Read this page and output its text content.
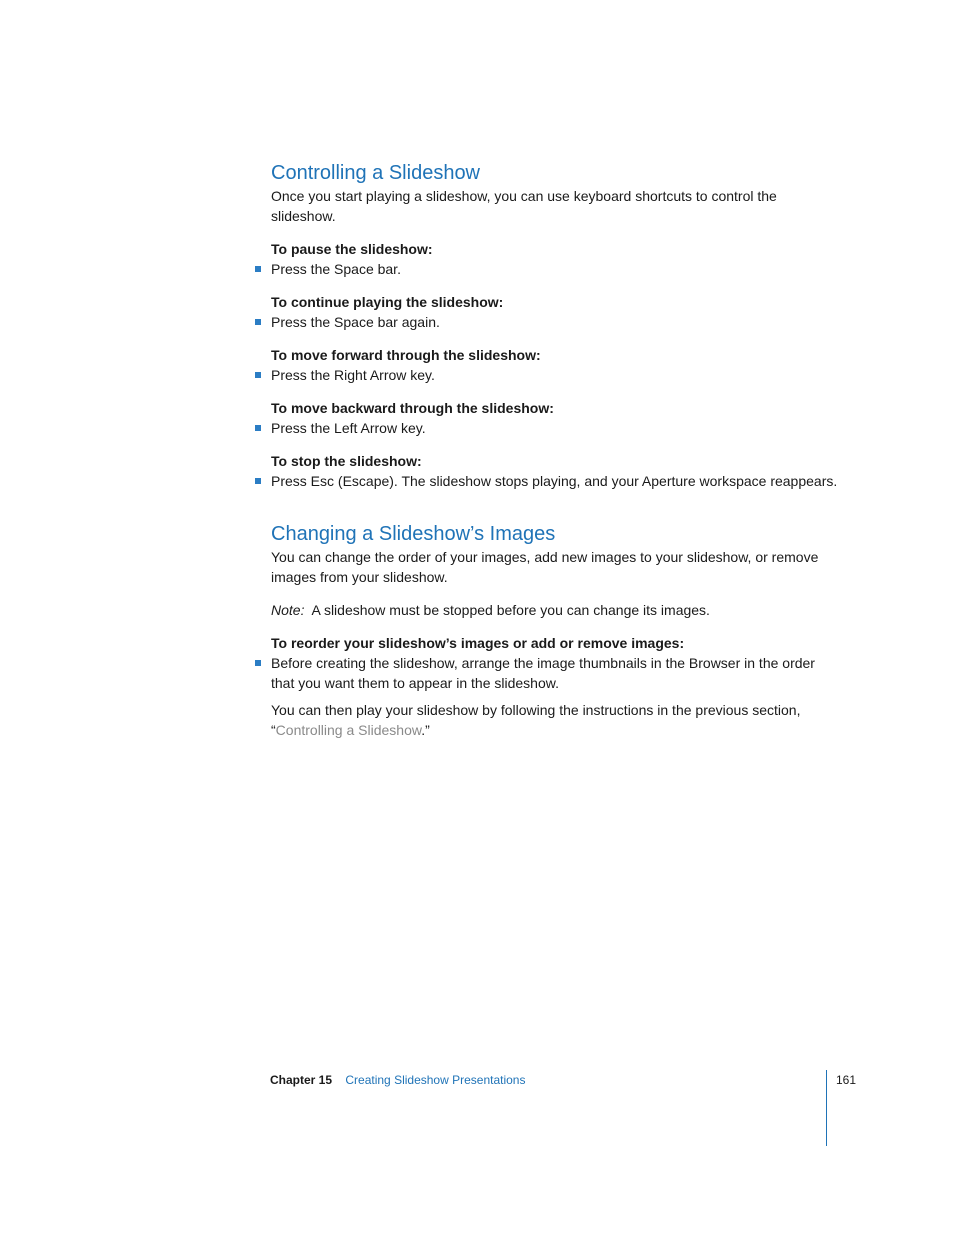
Controlling a Slideshow

Once you start playing a slideshow, you can use keyboard shortcuts to control the slideshow.

To pause the slideshow:
Press the Space bar.
To continue playing the slideshow:
Press the Space bar again.
To move forward through the slideshow:
Press the Right Arrow key.
To move backward through the slideshow:
Press the Left Arrow key.
To stop the slideshow:
Press Esc (Escape). The slideshow stops playing, and your Aperture workspace reappears.
Changing a Slideshow’s Images

You can change the order of your images, add new images to your slideshow, or remove images from your slideshow.

Note: A slideshow must be stopped before you can change its images.

To reorder your slideshow’s images or add or remove images:
Before creating the slideshow, arrange the image thumbnails in the Browser in the order that you want them to appear in the slideshow.

You can then play your slideshow by following the instructions in the previous section, “Controlling a Slideshow.”

Chapter 15 Creating Slideshow Presentations	161
